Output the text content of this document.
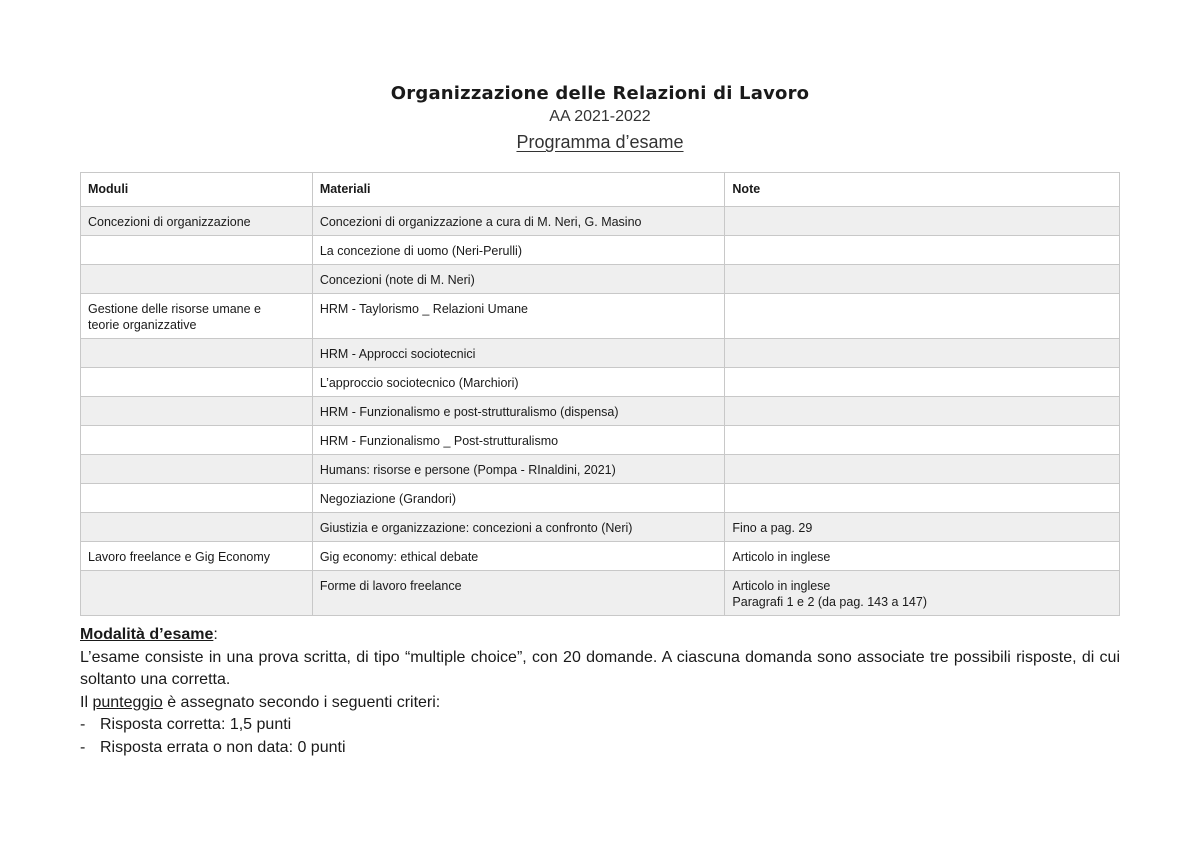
Organizzazione delle Relazioni di Lavoro
AA 2021-2022
Programma d’esame
Moduli	Materiali	Note
Concezioni di organizzazione	Concezioni di organizzazione a cura di M. Neri, G. Masino	

	La concezione di uomo (Neri-Perulli)	

	Concezioni (note di M. Neri)	

Gestione delle risorse umane e
teorie organizzative	HRM - Taylorismo _ Relazioni Umane	

	HRM - Approcci sociotecnici	

	L’approccio sociotecnico (Marchiori)	

	HRM - Funzionalismo e post-strutturalismo (dispensa)	

	HRM - Funzionalismo _ Post-strutturalismo	

	Humans: risorse e persone (Pompa - RInaldini, 2021)	

	Negoziazione (Grandori)	

	Giustizia e organizzazione: concezioni a confronto (Neri)	Fino a pag. 29

Lavoro freelance e Gig Economy	Gig economy: ethical debate	Articolo in inglese

	Forme di lavoro freelance	Articolo in inglese
Paragrafi 1 e 2 (da pag. 143 a 147)

Modalità d’esame:

L’esame consiste in una prova scritta, di tipo “multiple choice”, con 20 domande. A ciascuna domanda sono associate tre possibili risposte, di cui soltanto una corretta.

Il punteggio è assegnato secondo i seguenti criteri:

- Risposta corretta: 1,5 punti
- Risposta errata o non data: 0 punti
